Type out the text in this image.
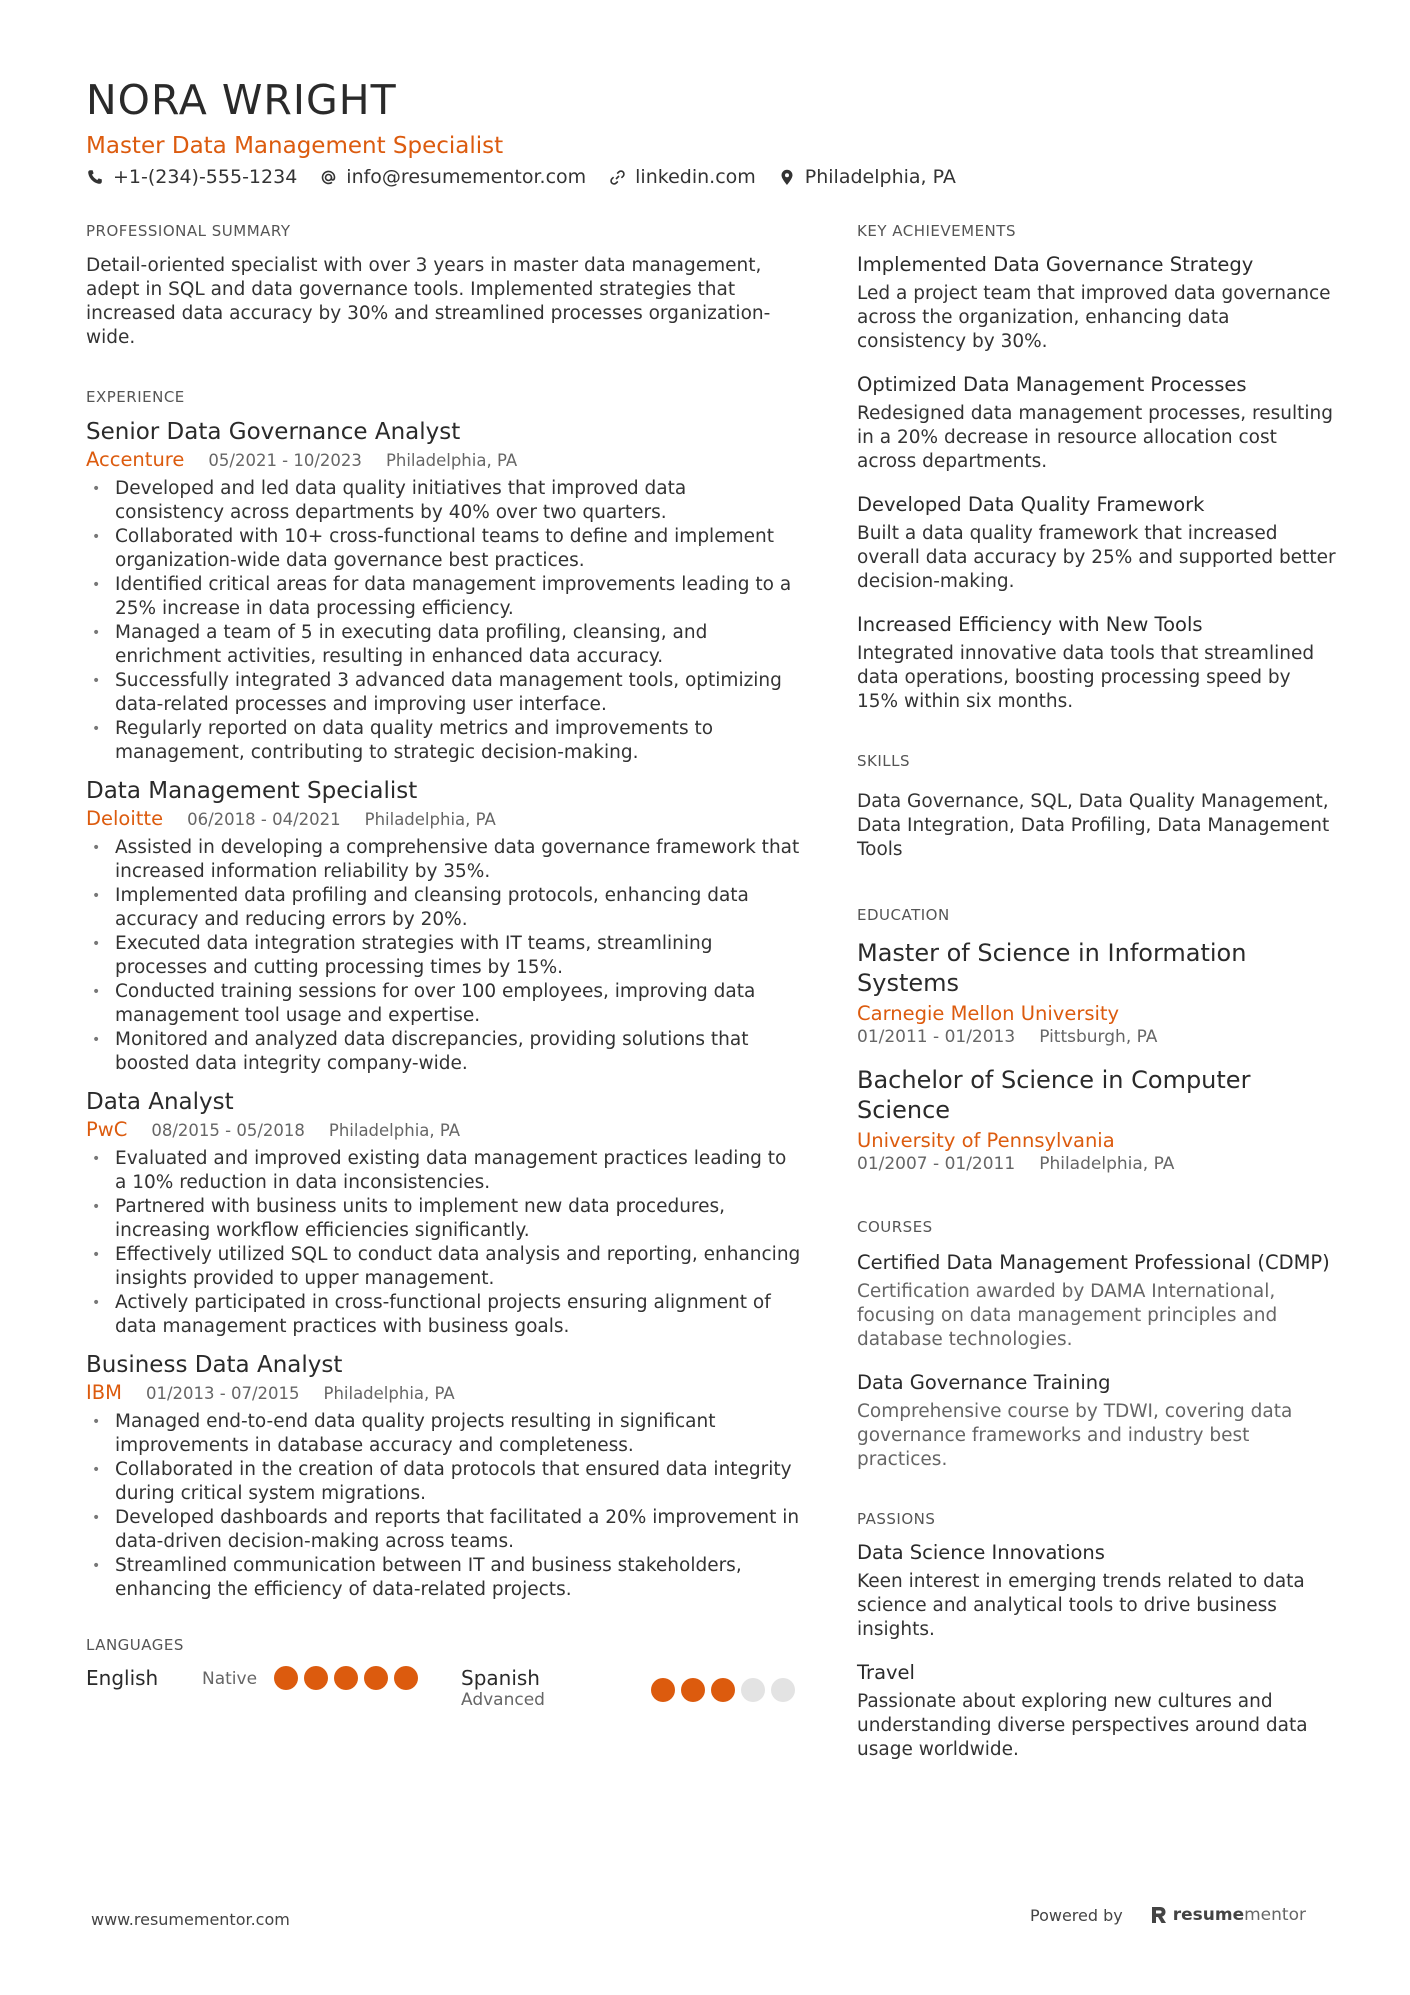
NORA WRIGHT
Master Data Management Specialist
+1-(234)-555-1234	info@resumementor.com	linkedin.com	Philadelphia, PA
PROFESSIONAL SUMMARY

Detail-oriented specialist with over 3 years in master data management, adept in SQL and data governance tools. Implemented strategies that increased data accuracy by 30% and streamlined processes organization-wide.

EXPERIENCE
Senior Data Governance Analyst
Accenture 05/2021 - 10/2023 Philadelphia, PA
• Developed and led data quality initiatives that improved data consistency across departments by 40% over two quarters.
• Collaborated with 10+ cross-functional teams to define and implement organization-wide data governance best practices.
• Identified critical areas for data management improvements leading to a 25% increase in data processing efficiency.
• Managed a team of 5 in executing data profiling, cleansing, and enrichment activities, resulting in enhanced data accuracy.
• Successfully integrated 3 advanced data management tools, optimizing data-related processes and improving user interface.
• Regularly reported on data quality metrics and improvements to management, contributing to strategic decision-making.
Data Management Specialist
Deloitte 06/2018 - 04/2021 Philadelphia, PA
• Assisted in developing a comprehensive data governance framework that increased information reliability by 35%.
• Implemented data profiling and cleansing protocols, enhancing data accuracy and reducing errors by 20%.
• Executed data integration strategies with IT teams, streamlining processes and cutting processing times by 15%.
• Conducted training sessions for over 100 employees, improving data management tool usage and expertise.
• Monitored and analyzed data discrepancies, providing solutions that boosted data integrity company-wide.
Data Analyst
PwC 08/2015 - 05/2018 Philadelphia, PA
• Evaluated and improved existing data management practices leading to a 10% reduction in data inconsistencies.
• Partnered with business units to implement new data procedures, increasing workflow efficiencies significantly.
• Effectively utilized SQL to conduct data analysis and reporting, enhancing insights provided to upper management.
• Actively participated in cross-functional projects ensuring alignment of data management practices with business goals.
Business Data Analyst
IBM 01/2013 - 07/2015 Philadelphia, PA
• Managed end-to-end data quality projects resulting in significant improvements in database accuracy and completeness.
• Collaborated in the creation of data protocols that ensured data integrity during critical system migrations.
• Developed dashboards and reports that facilitated a 20% improvement in data-driven decision-making across teams.
• Streamlined communication between IT and business stakeholders, enhancing the efficiency of data-related projects.
LANGUAGES
English	Native	Spanish
Advanced
KEY ACHIEVEMENTS
Implemented Data Governance Strategy
Led a project team that improved data governance across the organization, enhancing data consistency by 30%.
Optimized Data Management Processes
Redesigned data management processes, resulting in a 20% decrease in resource allocation cost across departments.
Developed Data Quality Framework
Built a data quality framework that increased overall data accuracy by 25% and supported better decision-making.
Increased Efficiency with New Tools
Integrated innovative data tools that streamlined data operations, boosting processing speed by 15% within six months.
SKILLS

Data Governance, SQL, Data Quality Management, Data Integration, Data Profiling, Data Management Tools

EDUCATION
Master of Science in Information Systems
Carnegie Mellon University
01/2011 - 01/2013 Pittsburgh, PA
Bachelor of Science in Computer Science
University of Pennsylvania
01/2007 - 01/2011 Philadelphia, PA
COURSES
Certified Data Management Professional (CDMP)
Certification awarded by DAMA International, focusing on data management principles and database technologies.
Data Governance Training
Comprehensive course by TDWI, covering data governance frameworks and industry best practices.
PASSIONS
Data Science Innovations
Keen interest in emerging trends related to data science and analytical tools to drive business insights.
Travel
Passionate about exploring new cultures and understanding diverse perspectives around data usage worldwide.
www.resumementor.com	Powered by	resume mentor
